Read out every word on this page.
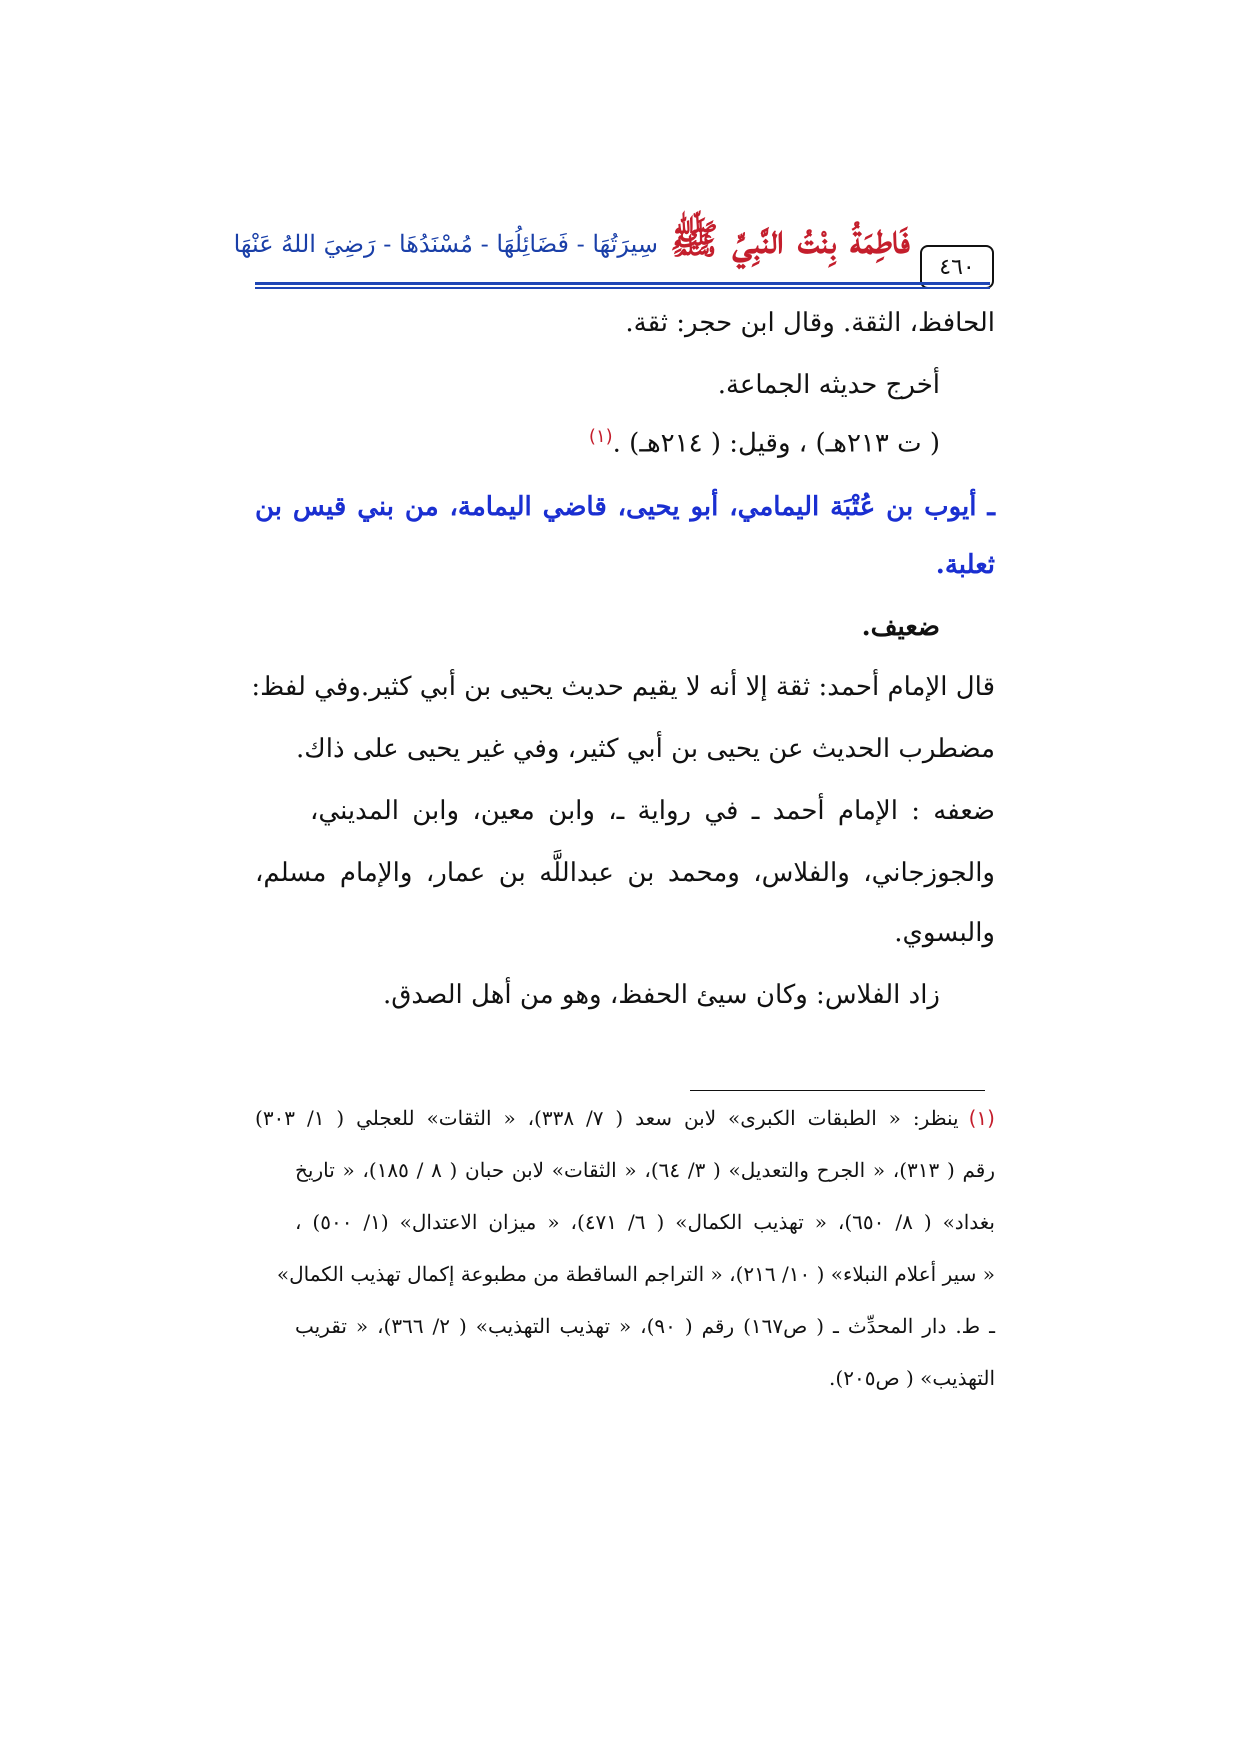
٤٦٠
فَاطِمَةُ بِنْتُ النَّبِيِّ ﷺ
سِيرَتُهَا - فَضَائِلُهَا - مُسْنَدُهَا - رَضِيَ اللهُ عَنْهَا
الحافظ، الثقة. وقال ابن حجر: ثقة.
أخرج حديثه الجماعة.
( ت ٢١٣هـ) ، وقيل: ( ٢١٤هـ) .$^{(١)}$
ـ أيوب بن عُتْبَة اليمامي، أبو يحيى، قاضي اليمامة، من بني قيس بن
ثعلبة.
ضعيف.
قال الإمام أحمد: ثقة إلا أنه لا يقيم حديث يحيى بن أبي كثير.وفي لفظ:
مضطرب الحديث عن يحيى بن أبي كثير، وفي غير يحيى على ذاك.
ضعفه : الإمام أحمد ـ في رواية ـ، وابن معين، وابن المديني،
والجوزجاني، والفلاس، ومحمد بن عبداللَّه بن عمار، والإمام مسلم،
والبسوي.
زاد الفلاس: وكان سيئ الحفظ، وهو من أهل الصدق.
(١)ينظر: « الطبقات الكبرى» لابن سعد ( ٧/ ٣٣٨)، « الثقات» للعجلي ( ١/ ٣٠٣)
رقم ( ٣١٣)، « الجرح والتعديل» ( ٣/ ٦٤)، « الثقات» لابن حبان ( ٨ / ١٨٥)، « تاريخ
بغداد» ( ٨/ ٦٥٠)، « تهذيب الكمال» ( ٦/ ٤٧١)، « ميزان الاعتدال» (١/ ٥٠٠) ،
« سير أعلام النبلاء» ( ١٠/ ٢١٦)، « التراجم الساقطة من مطبوعة إكمال تهذيب الكمال»
ـ ط. دار المحدِّث ـ ( ص١٦٧) رقم ( ٩٠)، « تهذيب التهذيب» ( ٢/ ٣٦٦)، « تقريب
التهذيب» ( ص٢٠٥).
